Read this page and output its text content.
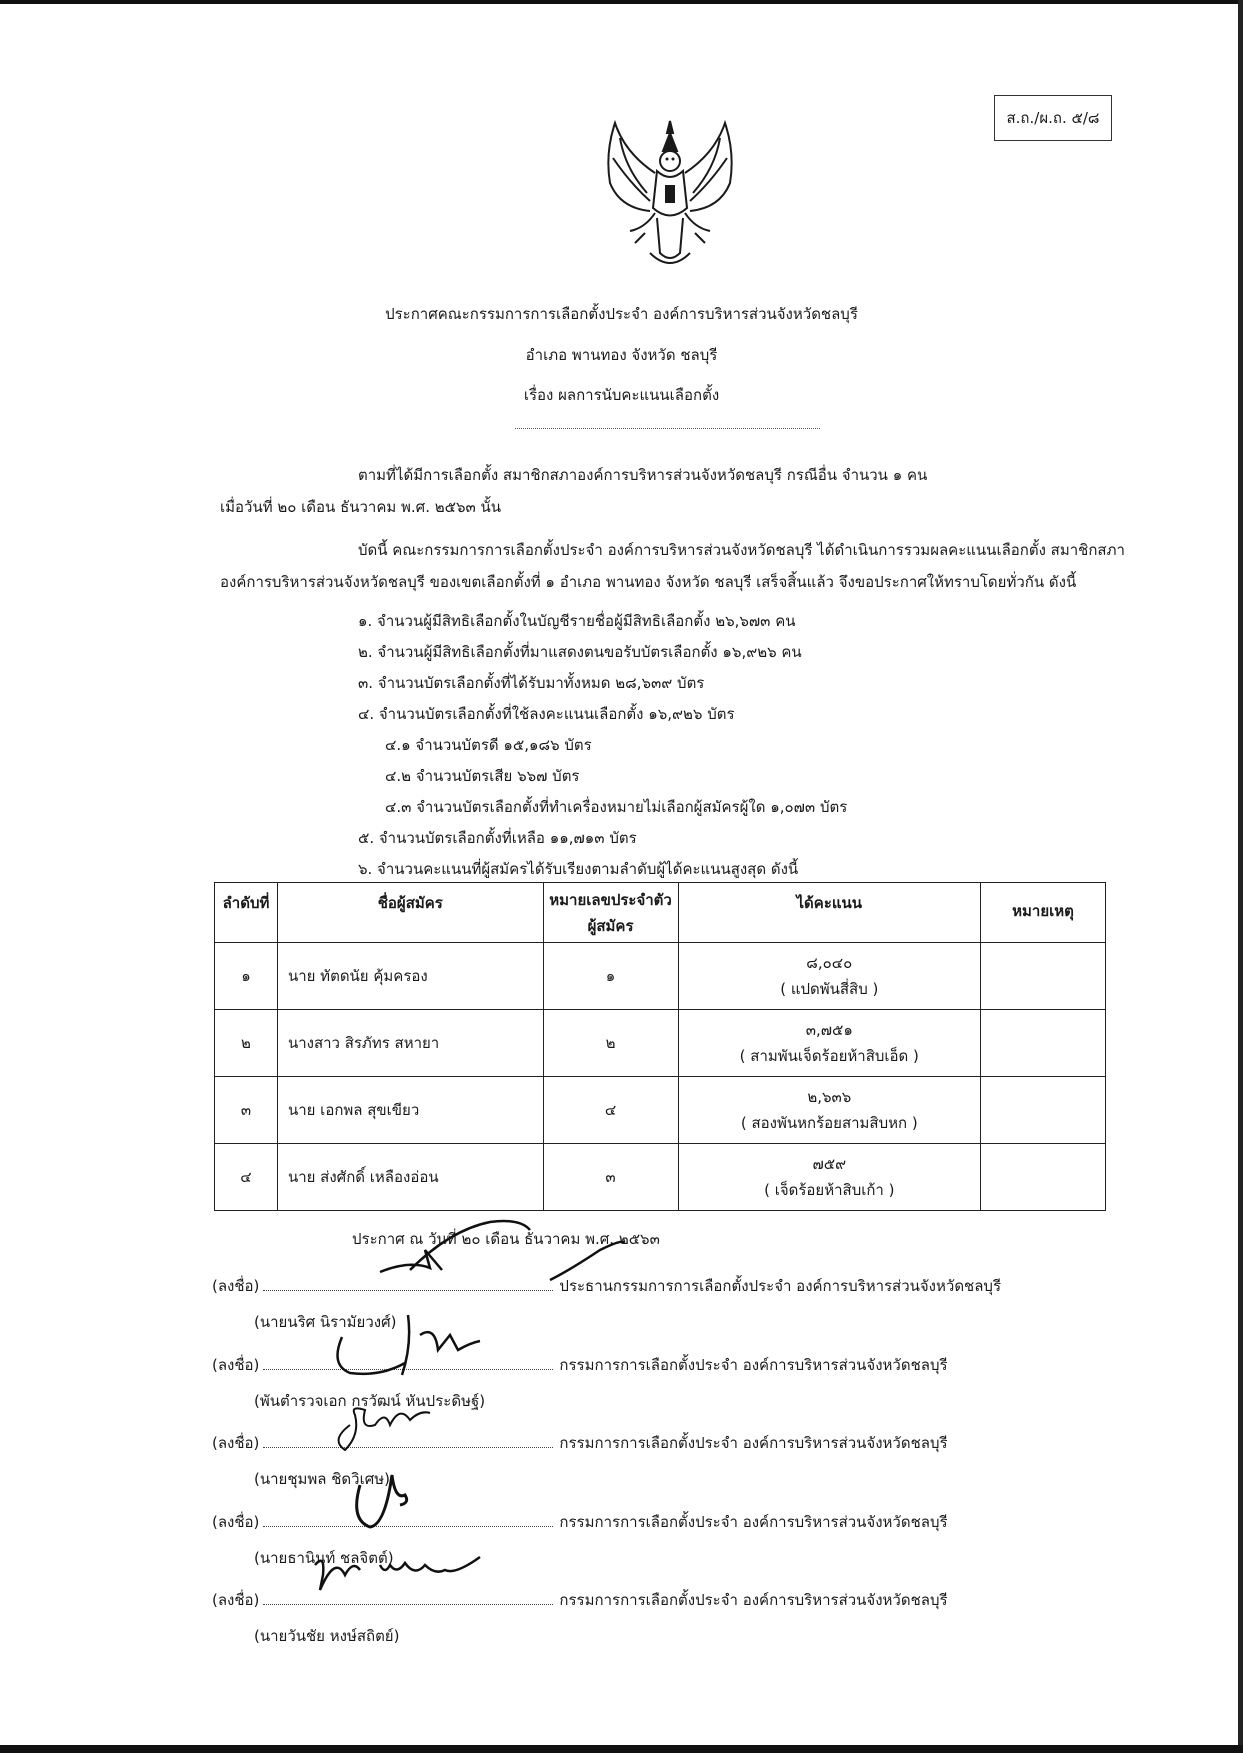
ส.ถ./ผ.ถ. ๕/๘
ประกาศคณะกรรมการการเลือกตั้งประจำ องค์การบริหารส่วนจังหวัดชลบุรี
อำเภอ พานทอง จังหวัด ชลบุรี
เรื่อง ผลการนับคะแนนเลือกตั้ง
ตามที่ได้มีการเลือกตั้ง สมาชิกสภาองค์การบริหารส่วนจังหวัดชลบุรี กรณีอื่น จำนวน ๑ คน
เมื่อวันที่ ๒๐ เดือน ธันวาคม พ.ศ. ๒๕๖๓ นั้น
บัดนี้ คณะกรรมการการเลือกตั้งประจำ องค์การบริหารส่วนจังหวัดชลบุรี ได้ดำเนินการรวมผลคะแนนเลือกตั้ง สมาชิกสภา
องค์การบริหารส่วนจังหวัดชลบุรี ของเขตเลือกตั้งที่ ๑ อำเภอ พานทอง จังหวัด ชลบุรี เสร็จสิ้นแล้ว จึงขอประกาศให้ทราบโดยทั่วกัน ดังนี้
๑. จำนวนผู้มีสิทธิเลือกตั้งในบัญชีรายชื่อผู้มีสิทธิเลือกตั้ง ๒๖,๖๗๓ คน
๒. จำนวนผู้มีสิทธิเลือกตั้งที่มาแสดงตนขอรับบัตรเลือกตั้ง ๑๖,๙๒๖ คน
๓. จำนวนบัตรเลือกตั้งที่ได้รับมาทั้งหมด ๒๘,๖๓๙ บัตร
๔. จำนวนบัตรเลือกตั้งที่ใช้ลงคะแนนเลือกตั้ง ๑๖,๙๒๖ บัตร
๔.๑ จำนวนบัตรดี ๑๕,๑๘๖ บัตร
๔.๒ จำนวนบัตรเสีย ๖๖๗ บัตร
๔.๓ จำนวนบัตรเลือกตั้งที่ทำเครื่องหมายไม่เลือกผู้สมัครผู้ใด ๑,๐๗๓ บัตร
๕. จำนวนบัตรเลือกตั้งที่เหลือ ๑๑,๗๑๓ บัตร
๖. จำนวนคะแนนที่ผู้สมัครได้รับเรียงตามลำดับผู้ได้คะแนนสูงสุด ดังนี้
ลำดับที่	ชื่อผู้สมัคร	หมายเลขประจำตัว
ผู้สมัคร	ได้คะแนน	หมายเหตุ
๑	นาย ทัตดนัย คุ้มครอง	๑	๘,๐๔๐
( แปดพันสี่สิบ )	

๒	นางสาว สิรภัทร สหายา	๒	๓,๗๕๑
( สามพันเจ็ดร้อยห้าสิบเอ็ด )	

๓	นาย เอกพล สุขเขียว	๔	๒,๖๓๖
( สองพันหกร้อยสามสิบหก )	

๔	นาย ส่งศักดิ์ เหลืองอ่อน	๓	๗๕๙
( เจ็ดร้อยห้าสิบเก้า )	

ประกาศ ณ วันที่ ๒๐ เดือน ธันวาคม พ.ศ. ๒๕๖๓
(ลงชื่อ)	ประธานกรรมการการเลือกตั้งประจำ องค์การบริหารส่วนจังหวัดชลบุรี
(นายนริศ นิรามัยวงศ์)
(ลงชื่อ)	กรรมการการเลือกตั้งประจำ องค์การบริหารส่วนจังหวัดชลบุรี
(พันตำรวจเอก กรวัฒน์ หันประดิษฐ์)
(ลงชื่อ)	กรรมการการเลือกตั้งประจำ องค์การบริหารส่วนจังหวัดชลบุรี
(นายชุมพล ชิดวิเศษ)
(ลงชื่อ)	กรรมการการเลือกตั้งประจำ องค์การบริหารส่วนจังหวัดชลบุรี
(นายธานินท์ ชลจิตต์)
(ลงชื่อ)	กรรมการการเลือกตั้งประจำ องค์การบริหารส่วนจังหวัดชลบุรี
(นายวันชัย หงษ์สถิตย์)
